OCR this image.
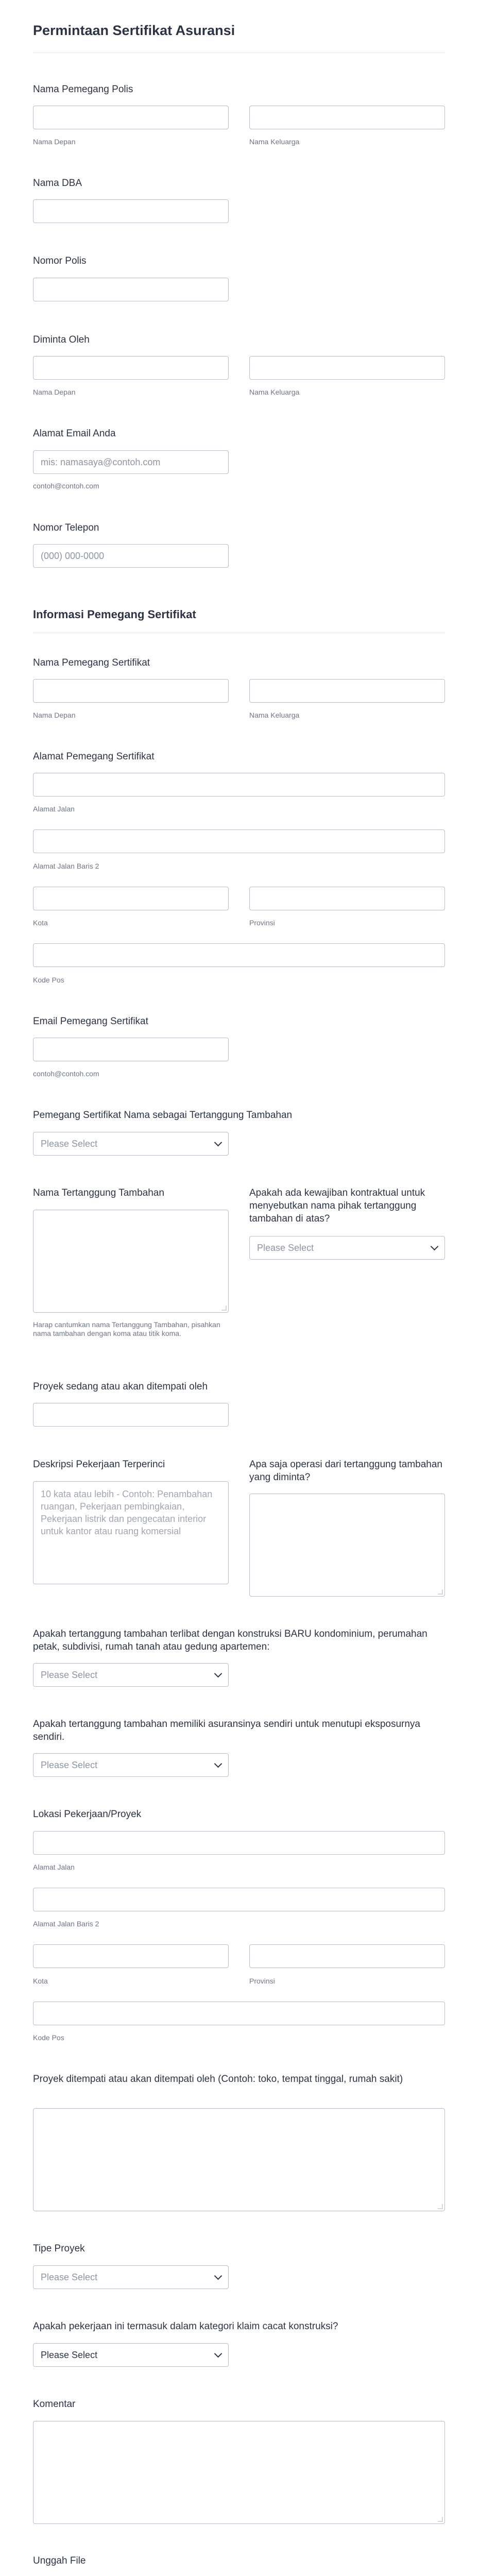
Permintaan Sertifikat Asuransi
Nama Pemegang Polis
Nama Depan	Nama Keluarga
Nama DBA
Nomor Polis
Diminta Oleh
Nama Depan	Nama Keluarga
Alamat Email Anda
mis: namasaya@contoh.com
contoh@contoh.com
Nomor Telepon
(000) 000-0000
Informasi Pemegang Sertifikat
Nama Pemegang Sertifikat
Nama Depan	Nama Keluarga
Alamat Pemegang Sertifikat
Alamat Jalan
Alamat Jalan Baris 2
Kota	Provinsi
Kode Pos
Email Pemegang Sertifikat
contoh@contoh.com
Pemegang Sertifikat Nama sebagai Tertanggung Tambahan
Please Select
Nama Tertanggung Tambahan
Harap cantumkan nama Tertanggung Tambahan, pisahkan nama tambahan dengan koma atau titik koma.
Apakah ada kewajiban kontraktual untuk menyebutkan nama pihak tertanggung tambahan di atas?
Please Select
Proyek sedang atau akan ditempati oleh
Deskripsi Pekerjaan Terperinci
10 kata atau lebih - Contoh: Penambahan ruangan, Pekerjaan pembingkaian, Pekerjaan listrik dan pengecatan interior untuk kantor atau ruang komersial
Apa saja operasi dari tertanggung tambahan yang diminta?
Apakah tertanggung tambahan terlibat dengan konstruksi BARU kondominium, perumahan petak, subdivisi, rumah tanah atau gedung apartemen:
Please Select
Apakah tertanggung tambahan memiliki asuransinya sendiri untuk menutupi eksposurnya sendiri.
Please Select
Lokasi Pekerjaan/Proyek
Alamat Jalan
Alamat Jalan Baris 2
Kota	Provinsi
Kode Pos
Proyek ditempati atau akan ditempati oleh (Contoh: toko, tempat tinggal, rumah sakit)
Tipe Proyek
Please Select
Apakah pekerjaan ini termasuk dalam kategori klaim cacat konstruksi?
Please Select
Komentar
Unggah File
